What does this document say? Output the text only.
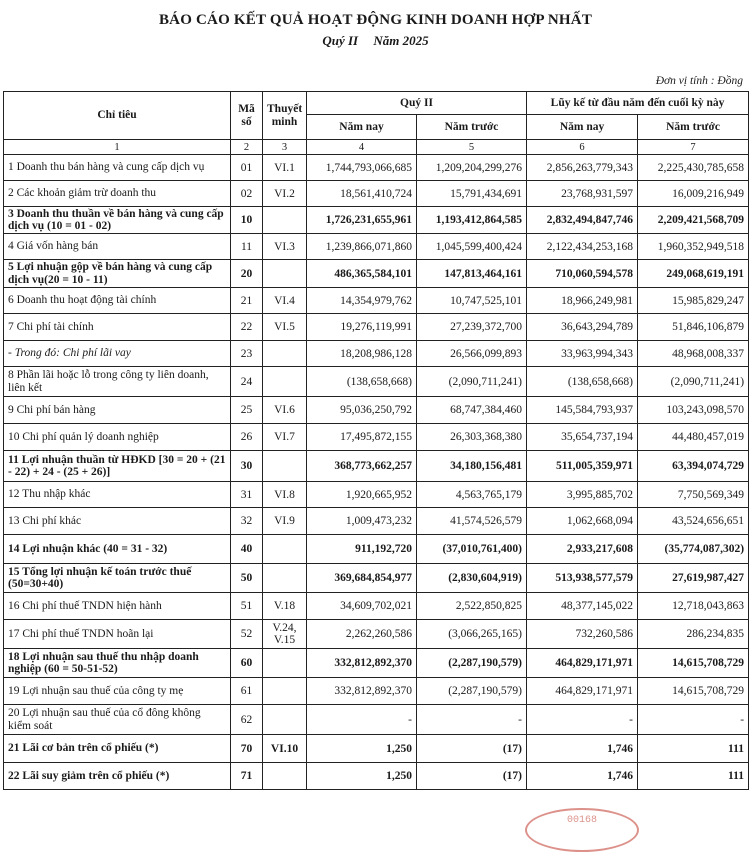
BÁO CÁO KẾT QUẢ HOẠT ĐỘNG KINH DOANH HỢP NHẤT
Quý II Năm 2025
Đơn vị tính : Đồng
Chỉ tiêu	Mã số	Thuyết minh	Quý II		Lũy kế từ đầu năm đến cuối kỳ này	
			Năm nay	Năm trước	Năm nay	Năm trước
1	2	3	4	5	6	7
1 Doanh thu bán hàng và cung cấp dịch vụ	01	VI.1	1,744,793,066,685	1,209,204,299,276	2,856,263,779,343	2,225,430,785,658
2 Các khoản giảm trừ doanh thu	02	VI.2	18,561,410,724	15,791,434,691	23,768,931,597	16,009,216,949
3 Doanh thu thuần về bán hàng và cung cấp dịch vụ (10 = 01 - 02)	10		1,726,231,655,961	1,193,412,864,585	2,832,494,847,746	2,209,421,568,709
4 Giá vốn hàng bán	11	VI.3	1,239,866,071,860	1,045,599,400,424	2,122,434,253,168	1,960,352,949,518
5 Lợi nhuận gộp về bán hàng và cung cấp dịch vụ(20 = 10 - 11)	20		486,365,584,101	147,813,464,161	710,060,594,578	249,068,619,191
6 Doanh thu hoạt động tài chính	21	VI.4	14,354,979,762	10,747,525,101	18,966,249,981	15,985,829,247
7 Chi phí tài chính	22	VI.5	19,276,119,991	27,239,372,700	36,643,294,789	51,846,106,879
- Trong đó: Chi phí lãi vay	23		18,208,986,128	26,566,099,893	33,963,994,343	48,968,008,337
8 Phần lãi hoặc lỗ trong công ty liên doanh, liên kết	24		(138,658,668)	(2,090,711,241)	(138,658,668)	(2,090,711,241)
9 Chi phí bán hàng	25	VI.6	95,036,250,792	68,747,384,460	145,584,793,937	103,243,098,570
10 Chi phí quản lý doanh nghiệp	26	VI.7	17,495,872,155	26,303,368,380	35,654,737,194	44,480,457,019
11 Lợi nhuận thuần từ HĐKD [30 = 20 + (21 - 22) + 24 - (25 + 26)]	30		368,773,662,257	34,180,156,481	511,005,359,971	63,394,074,729
12 Thu nhập khác	31	VI.8	1,920,665,952	4,563,765,179	3,995,885,702	7,750,569,349
13 Chi phí khác	32	VI.9	1,009,473,232	41,574,526,579	1,062,668,094	43,524,656,651
14 Lợi nhuận khác (40 = 31 - 32)	40		911,192,720	(37,010,761,400)	2,933,217,608	(35,774,087,302)
15 Tổng lợi nhuận kế toán trước thuế (50=30+40)	50		369,684,854,977	(2,830,604,919)	513,938,577,579	27,619,987,427
16 Chi phí thuế TNDN hiện hành	51	V.18	34,609,702,021	2,522,850,825	48,377,145,022	12,718,043,863
17 Chi phí thuế TNDN hoãn lại	52	V.24, V.15	2,262,260,586	(3,066,265,165)	732,260,586	286,234,835
18 Lợi nhuận sau thuế thu nhập doanh nghiệp (60 = 50-51-52)	60		332,812,892,370	(2,287,190,579)	464,829,171,971	14,615,708,729
19 Lợi nhuận sau thuế của công ty mẹ	61		332,812,892,370	(2,287,190,579)	464,829,171,971	14,615,708,729
20 Lợi nhuận sau thuế của cổ đông không kiểm soát	62		-	-	-	-
21 Lãi cơ bản trên cổ phiếu (*)	70	VI.10	1,250	(17)	1,746	111
22 Lãi suy giảm trên cổ phiếu (*)	71		1,250	(17)	1,746	111
00168
